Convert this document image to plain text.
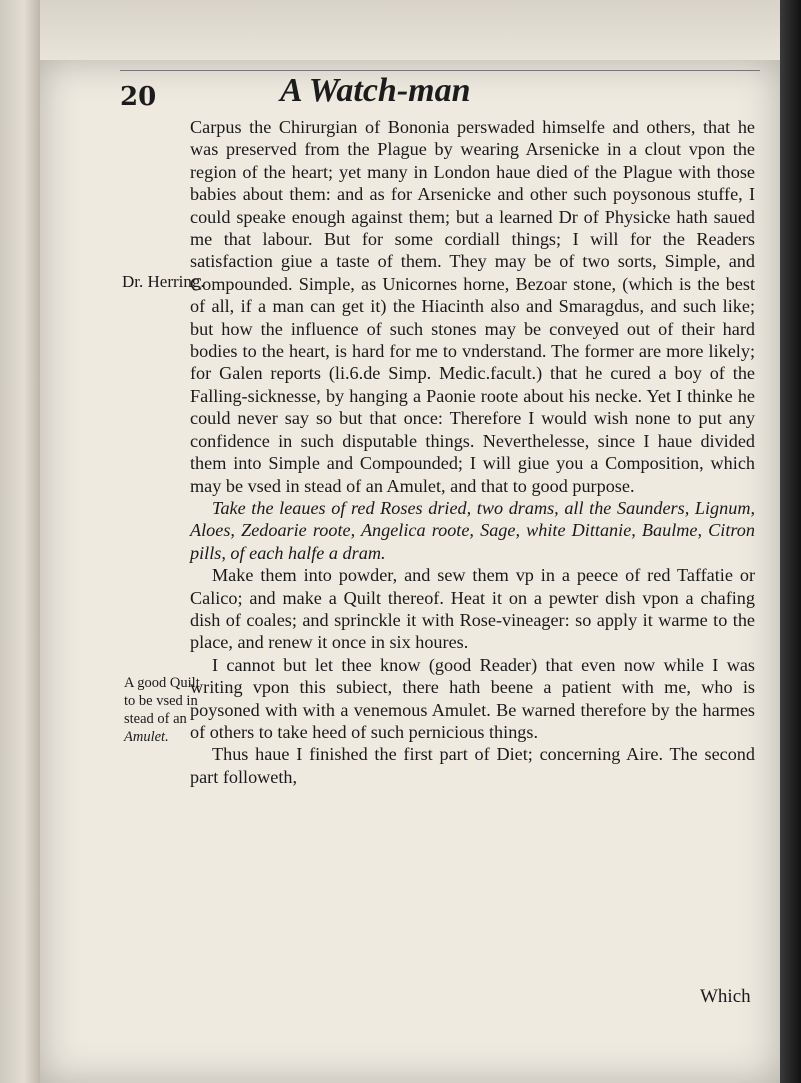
20	A Watch-man

Dr. Herring.

A good Quilt
to be vsed in
stead of an
Amulet.

Carpus the Chirurgian of Bononia perswaded himselfe and others, that he was preserved from the Plague by wearing Arsenicke in a clout vpon the region of the heart; yet many in London haue died of the Plague with those babies about them: and as for Arsenicke and other such poysonous stuffe, I could speake enough against them; but a learned Dr of Physicke hath saued me that labour. But for some cordiall things; I will for the Readers satisfaction giue a taste of them. They may be of two sorts, Simple, and Compounded. Simple, as Unicornes horne, Bezoar stone, (which is the best of all, if a man can get it) the Hiacinth also and Smaragdus, and such like; but how the influence of such stones may be conveyed out of their hard bodies to the heart, is hard for me to vnderstand. The former are more likely; for Galen reports (li.6.de Simp. Medic.facult.) that he cured a boy of the Falling-sicknesse, by hanging a Paonie roote about his necke. Yet I thinke he could never say so but that once: Therefore I would wish none to put any confidence in such disputable things. Neverthelesse, since I haue divided them into Simple and Compounded; I will giue you a Composition, which may be vsed in stead of an Amulet, and that to good purpose.

Take the leaues of red Roses dried, two drams, all the Saunders, Lignum, Aloes, Zedoarie roote, Angelica roote, Sage, white Dittanie, Baulme, Citron pills, of each halfe a dram.

Make them into powder, and sew them vp in a peece of red Taffatie or Calico; and make a Quilt thereof. Heat it on a pewter dish vpon a chafing dish of coales; and sprinckle it with Rose-vineager: so apply it warme to the place, and renew it once in six houres.

I cannot but let thee know (good Reader) that even now while I was writing vpon this subiect, there hath beene a patient with me, who is poysoned with with a venemous Amulet. Be warned therefore by the harmes of others to take heed of such pernicious things.

Thus haue I finished the first part of Diet; concerning Aire. The second part followeth,

Which
